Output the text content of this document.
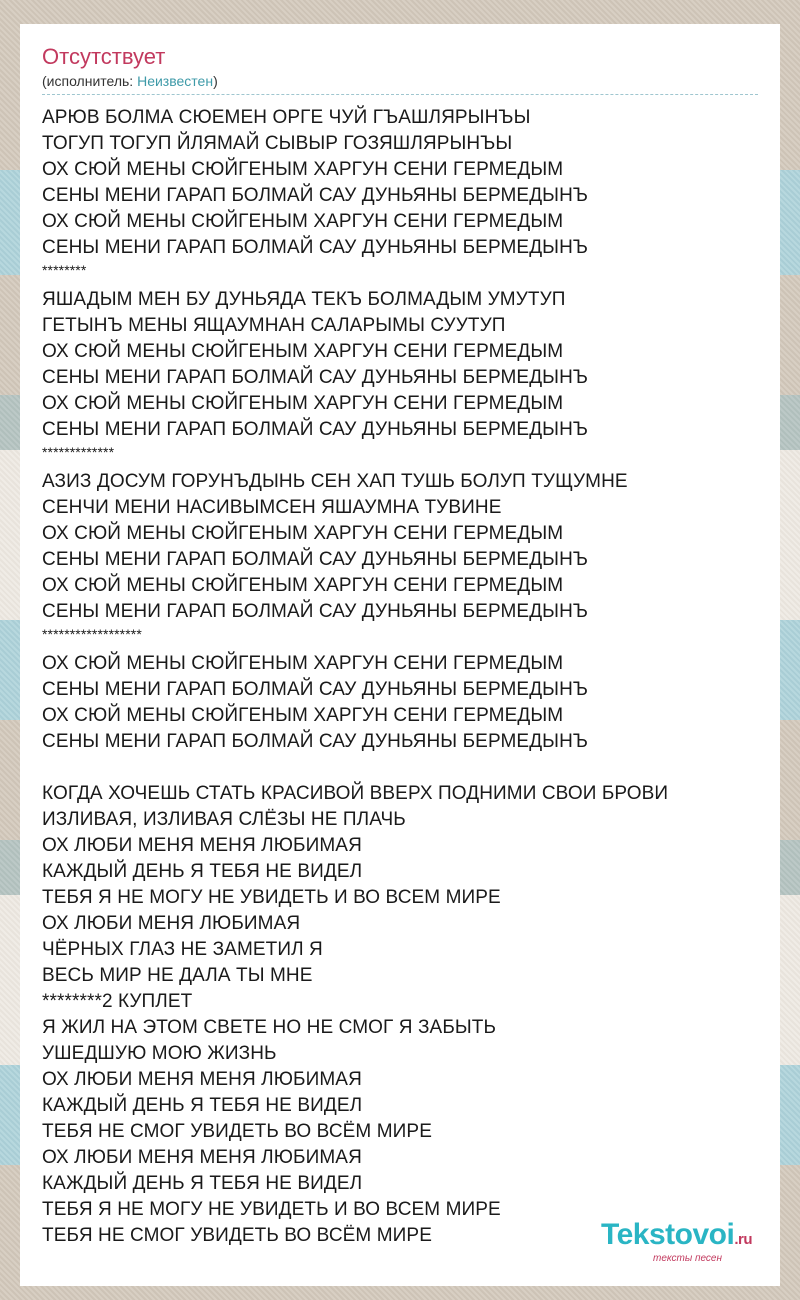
Отсутствует
(исполнитель: Неизвестен)
АРЮВ БОЛМА СЮЕМЕН ОРГЕ ЧУЙ ГЪАШЛЯРЫНЪЫ
ТОГУП ТОГУП ЙЛЯМАЙ СЫВЫР ГОЗЯШЛЯРЫНЪЫ
ОХ СЮЙ МЕНЫ СЮЙГЕНЫМ ХАРГУН СЕНИ ГЕРМЕДЫМ
СЕНЫ МЕНИ ГАРАП БОЛМАЙ САУ ДУНЬЯНЫ БЕРМЕДЫНЪ
ОХ СЮЙ МЕНЫ СЮЙГЕНЫМ ХАРГУН СЕНИ ГЕРМЕДЫМ
СЕНЫ МЕНИ ГАРАП БОЛМАЙ САУ ДУНЬЯНЫ БЕРМЕДЫНЪ
********
ЯШАДЫМ МЕН БУ ДУНЬЯДА ТЕКЪ БОЛМАДЫМ УМУТУП
ГЕТЫНЪ МЕНЫ ЯЩАУМНАН САЛАРЫМЫ СУУТУП
ОХ СЮЙ МЕНЫ СЮЙГЕНЫМ ХАРГУН СЕНИ ГЕРМЕДЫМ
СЕНЫ МЕНИ ГАРАП БОЛМАЙ САУ ДУНЬЯНЫ БЕРМЕДЫНЪ
ОХ СЮЙ МЕНЫ СЮЙГЕНЫМ ХАРГУН СЕНИ ГЕРМЕДЫМ
СЕНЫ МЕНИ ГАРАП БОЛМАЙ САУ ДУНЬЯНЫ БЕРМЕДЫНЪ
*************
АЗИЗ ДОСУМ ГОРУНЪДЫНЬ СЕН ХАП ТУШЬ БОЛУП ТУЩУМНЕ
СЕНЧИ МЕНИ НАСИВЫМСЕН ЯШАУМНА ТУВИНЕ
ОХ СЮЙ МЕНЫ СЮЙГЕНЫМ ХАРГУН СЕНИ ГЕРМЕДЫМ
СЕНЫ МЕНИ ГАРАП БОЛМАЙ САУ ДУНЬЯНЫ БЕРМЕДЫНЪ
ОХ СЮЙ МЕНЫ СЮЙГЕНЫМ ХАРГУН СЕНИ ГЕРМЕДЫМ
СЕНЫ МЕНИ ГАРАП БОЛМАЙ САУ ДУНЬЯНЫ БЕРМЕДЫНЪ
******************
ОХ СЮЙ МЕНЫ СЮЙГЕНЫМ ХАРГУН СЕНИ ГЕРМЕДЫМ
СЕНЫ МЕНИ ГАРАП БОЛМАЙ САУ ДУНЬЯНЫ БЕРМЕДЫНЪ
ОХ СЮЙ МЕНЫ СЮЙГЕНЫМ ХАРГУН СЕНИ ГЕРМЕДЫМ
СЕНЫ МЕНИ ГАРАП БОЛМАЙ САУ ДУНЬЯНЫ БЕРМЕДЫНЪ
КОГДА ХОЧЕШЬ СТАТЬ КРАСИВОЙ ВВЕРХ ПОДНИМИ СВОИ БРОВИ
ИЗЛИВАЯ, ИЗЛИВАЯ СЛЁЗЫ НЕ ПЛАЧЬ
ОХ ЛЮБИ МЕНЯ МЕНЯ ЛЮБИМАЯ
КАЖДЫЙ ДЕНЬ Я ТЕБЯ НЕ ВИДЕЛ
ТЕБЯ Я НЕ МОГУ НЕ УВИДЕТЬ И ВО ВСЕМ МИРЕ
ОХ ЛЮБИ МЕНЯ ЛЮБИМАЯ
ЧЁРНЫХ ГЛАЗ НЕ ЗАМЕТИЛ Я
ВЕСЬ МИР НЕ ДАЛА ТЫ МНЕ
********2 КУПЛЕТ
Я ЖИЛ НА ЭТОМ СВЕТЕ НО НЕ СМОГ Я ЗАБЫТЬ
УШЕДШУЮ МОЮ ЖИЗНЬ
ОХ ЛЮБИ МЕНЯ МЕНЯ ЛЮБИМАЯ
КАЖДЫЙ ДЕНЬ Я ТЕБЯ НЕ ВИДЕЛ
ТЕБЯ НЕ СМОГ УВИДЕТЬ ВО ВСЁМ МИРЕ
ОХ ЛЮБИ МЕНЯ МЕНЯ ЛЮБИМАЯ
КАЖДЫЙ ДЕНЬ Я ТЕБЯ НЕ ВИДЕЛ
ТЕБЯ Я НЕ МОГУ НЕ УВИДЕТЬ И ВО ВСЕМ МИРЕ
ТЕБЯ НЕ СМОГ УВИДЕТЬ ВО ВСЁМ МИРЕ	Tekstovoi.ru
тексты песен
